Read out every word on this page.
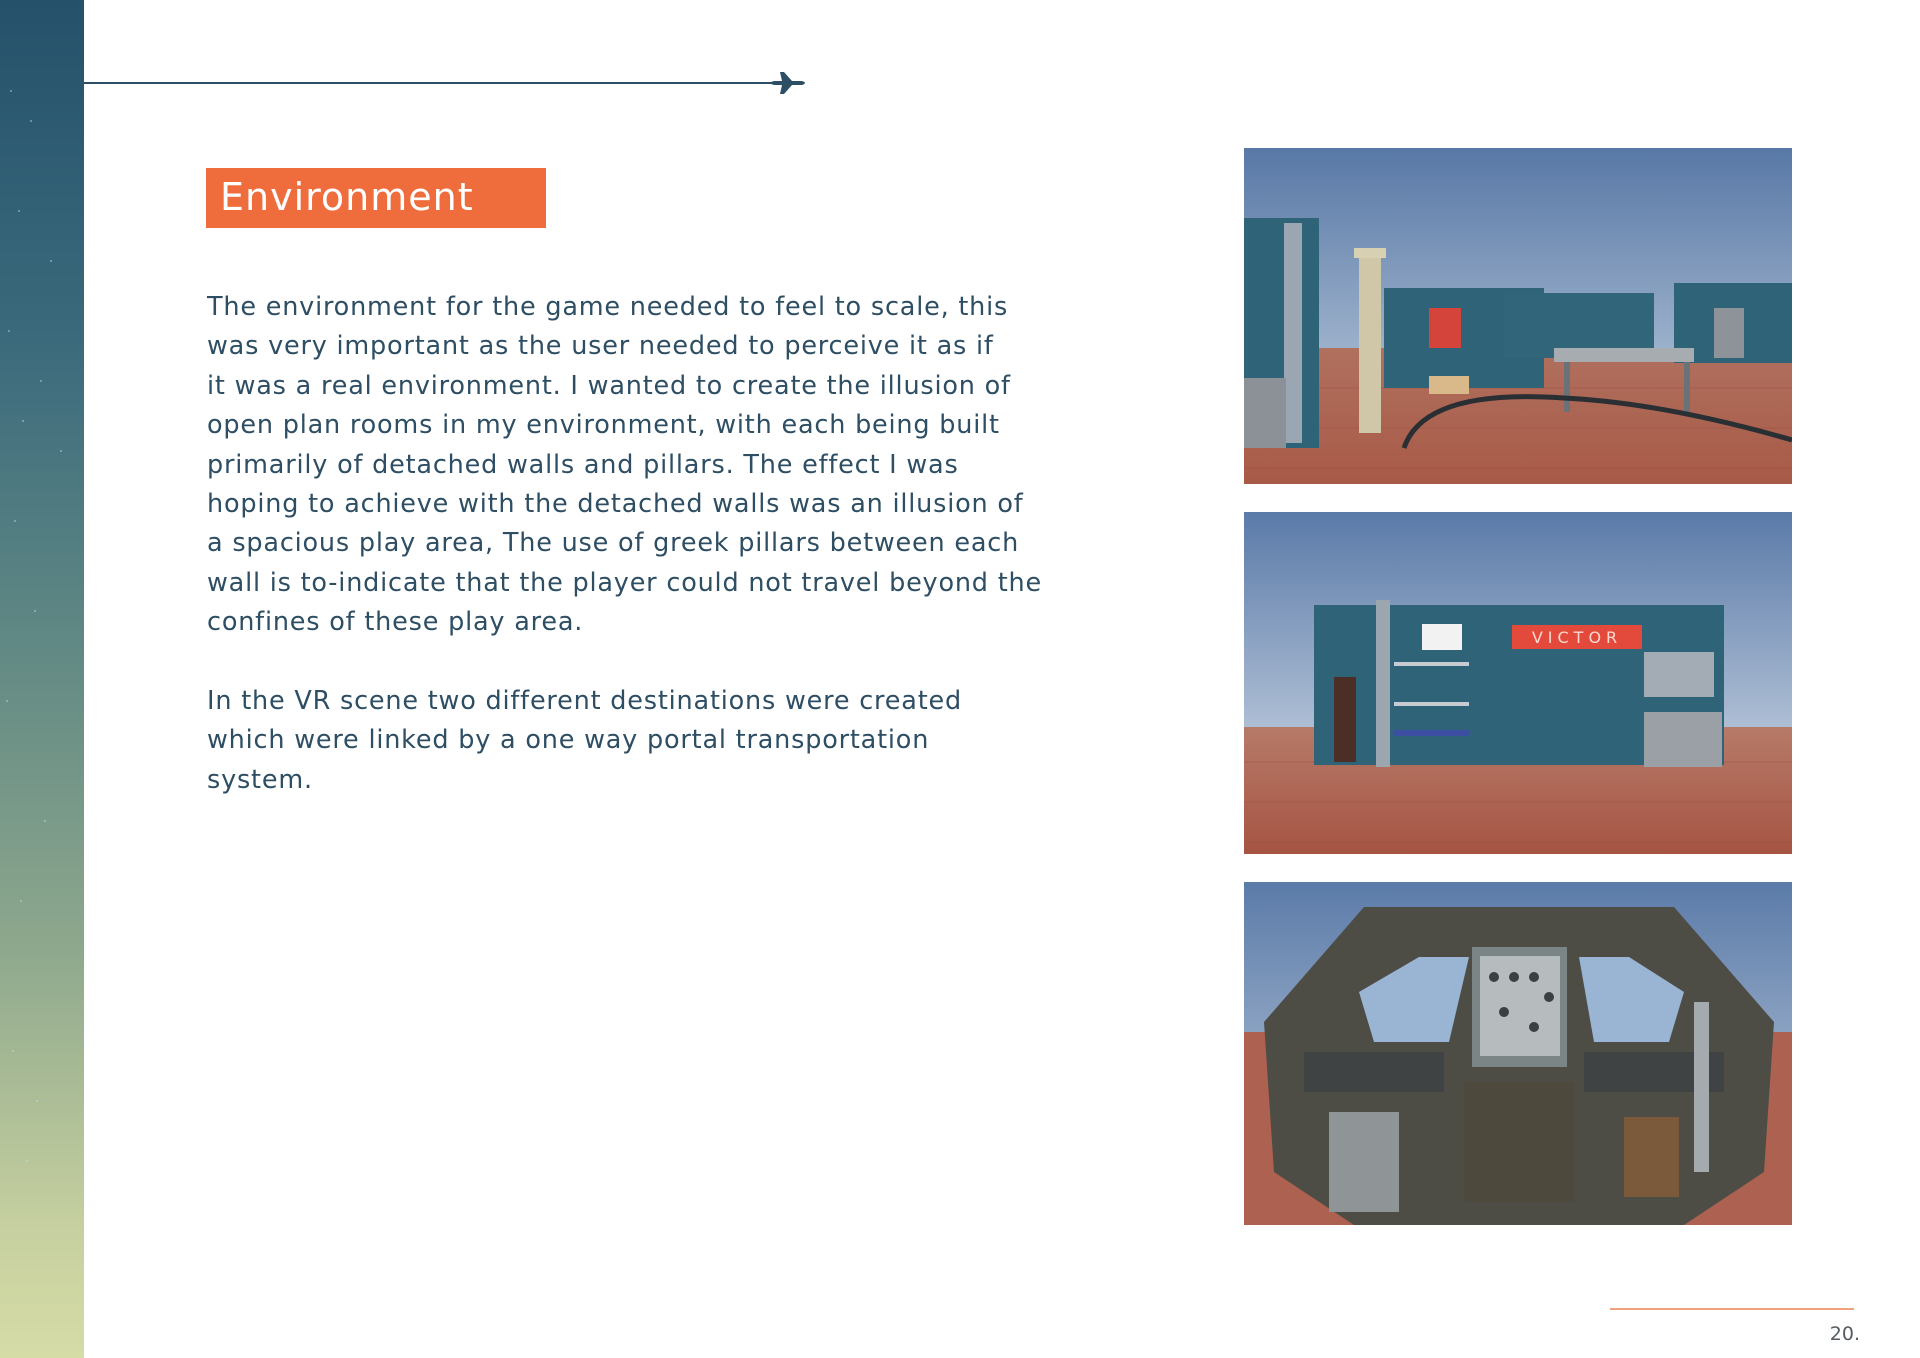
Environment

The environment for the game needed to feel to scale, this
was very important as the user needed to perceive it as if
it was a real environment. I wanted to create the illusion of
open plan rooms in my environment, with each being built
primarily of detached walls and pillars. The effect I was
hoping to achieve with the detached walls was an illusion of
a spacious play area, The use of greek pillars between each
wall is to-indicate that the player could not travel beyond the
confines of these play area.

In the VR scene two different destinations were created
which were linked by a one way portal transportation
system.

VICTOR
20.
